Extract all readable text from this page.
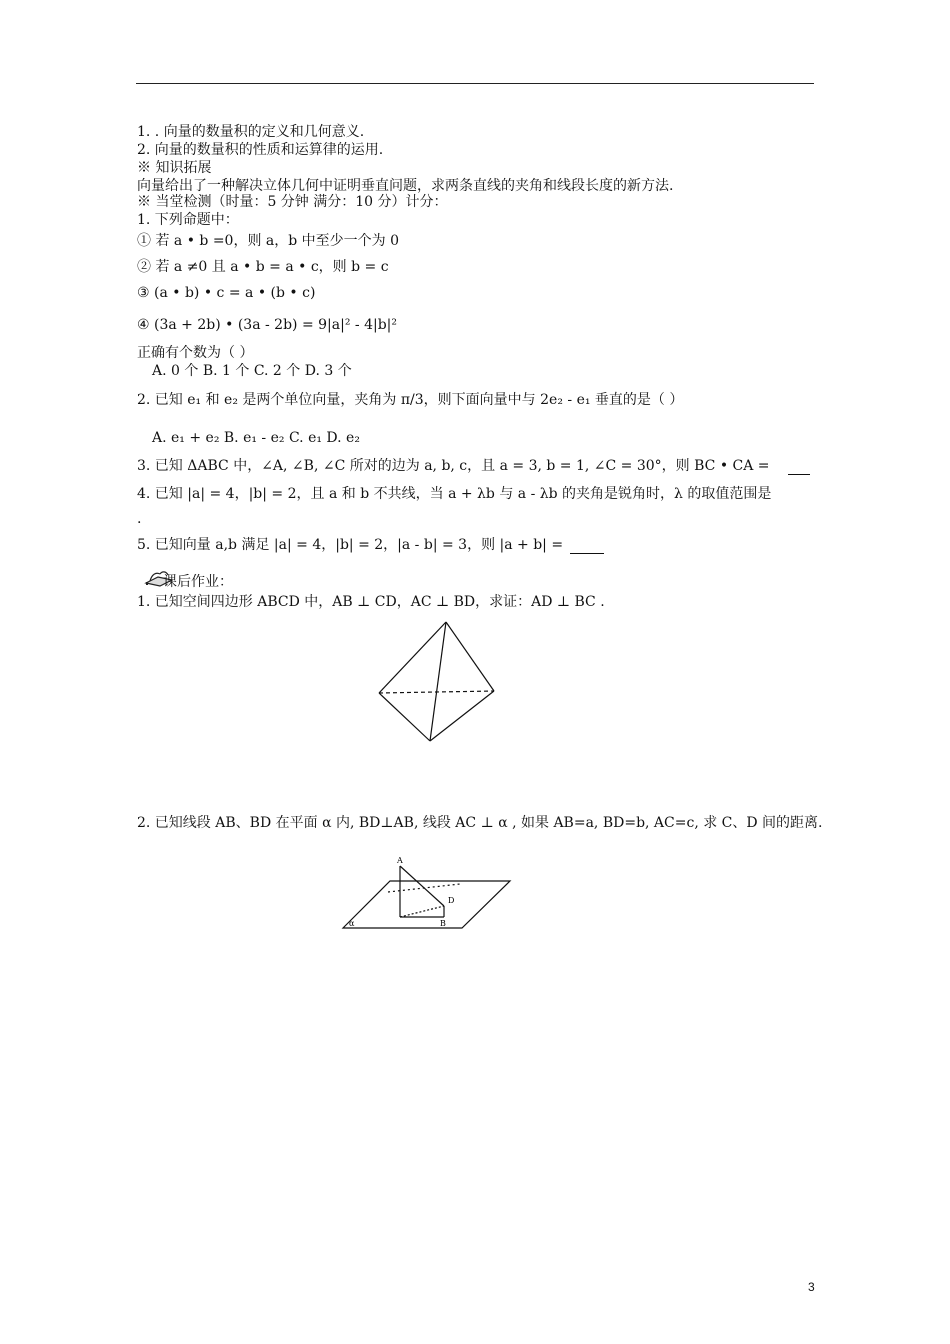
1. . 向量的数量积的定义和几何意义.
2. 向量的数量积的性质和运算律的运用.
※ 知识拓展
向量给出了一种解决立体几何中证明垂直问题，求两条直线的夹角和线段长度的新方法.
※ 当堂检测（时量：5 分钟 满分：10 分）计分：
1. 下列命题中：
① 若 a • b =0，则 a，b 中至少一个为 0
② 若 a ≠0 且 a • b = a • c，则 b = c
③ (a • b) • c = a • (b • c)
④ (3a + 2b) • (3a - 2b) = 9|a|² - 4|b|²
正确有个数为（ ）
A. 0 个 B. 1 个 C. 2 个 D. 3 个
2. 已知 e₁ 和 e₂ 是两个单位向量，夹角为 π/3，则下面向量中与 2e₂ - e₁ 垂直的是（ ）
A. e₁ + e₂ B. e₁ - e₂ C. e₁ D. e₂
3. 已知 ΔABC 中，∠A, ∠B, ∠C 所对的边为 a, b, c，且 a = 3, b = 1, ∠C = 30°，则 BC • CA =
4. 已知 |a| = 4，|b| = 2，且 a 和 b 不共线，当 a + λb 与 a - λb 的夹角是锐角时，λ 的取值范围是
.
5. 已知向量 a,b 满足 |a| = 4，|b| = 2，|a - b| = 3，则 |a + b| =
课后作业：
1. 已知空间四边形 ABCD 中，AB ⊥ CD，AC ⊥ BD，求证：AD ⊥ BC .
2. 已知线段 AB、BD 在平面 α 内, BD⊥AB, 线段 AC ⊥ α , 如果 AB=a, BD=b, AC=c, 求 C、D 间的距离.
A
D
B
α
3
